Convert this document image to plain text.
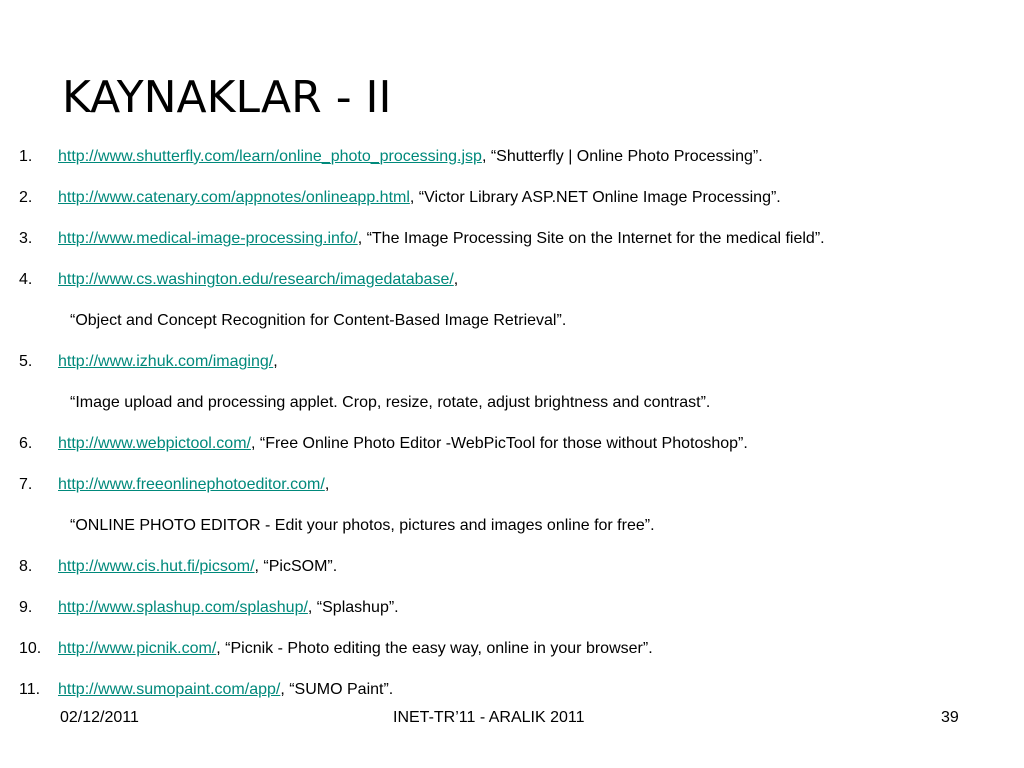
KAYNAKLAR - II
1. http://www.shutterfly.com/learn/online_photo_processing.jsp, “Shutterfly | Online Photo Processing”.
2. http://www.catenary.com/appnotes/onlineapp.html, “Victor Library ASP.NET Online Image Processing”.
3. http://www.medical-image-processing.info/, “The Image Processing Site on the Internet for the medical field”.
4. http://www.cs.washington.edu/research/imagedatabase/,
“Object and Concept Recognition for Content-Based Image Retrieval”.
5. http://www.izhuk.com/imaging/,
“Image upload and processing applet. Crop, resize, rotate, adjust brightness and contrast”.
6. http://www.webpictool.com/, “Free Online Photo Editor -WebPicTool for those without Photoshop”.
7. http://www.freeonlinephotoeditor.com/,
“ONLINE PHOTO EDITOR - Edit your photos, pictures and images online for free”.
8. http://www.cis.hut.fi/picsom/, “PicSOM”.
9. http://www.splashup.com/splashup/, “Splashup”.
10. http://www.picnik.com/, “Picnik - Photo editing the easy way, online in your browser”.
11. http://www.sumopaint.com/app/, “SUMO Paint”.
02/12/2011	INET-TR’11 - ARALIK 2011	39
